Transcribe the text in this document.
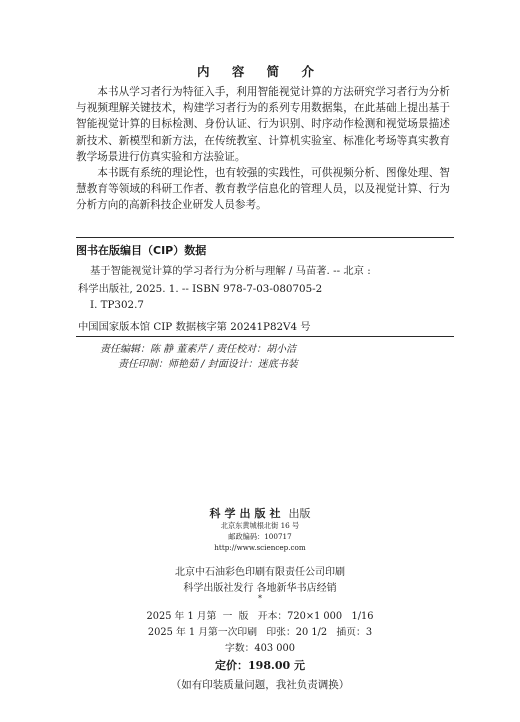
内 容 简 介

本书从学习者行为特征入手，利用智能视觉计算的方法研究学习者行为分析与视频理解关键技术，构建学习者行为的系列专用数据集，在此基础上提出基于智能视觉计算的目标检测、身份认证、行为识别、时序动作检测和视觉场景描述新技术、新模型和新方法，在传统教室、计算机实验室、标准化考场等真实教育教学场景进行仿真实验和方法验证。

本书既有系统的理论性，也有较强的实践性，可供视频分析、图像处理、智慧教育等领域的科研工作者、教育教学信息化的管理人员，以及视觉计算、行为分析方向的高新科技企业研发人员参考。

图书在版编目（CIP）数据
基于智能视觉计算的学习者行为分析与理解 / 马苗著. -- 北京 :
科学出版社, 2025. 1. -- ISBN 978-7-03-080705-2
Ⅰ. TP302.7
中国国家版本馆 CIP 数据核字第 20241P82V4 号
责任编辑：陈 静 董素芹 / 责任校对：胡小洁
责任印制：师艳茹 / 封面设计：迷底书装
科学出版社 出版
北京东黄城根北街 16 号
邮政编码：100717
http://www.sciencep.com
北京中石油彩色印刷有限责任公司印刷
科学出版社发行 各地新华书店经销
*
2025 年 1 月第  一  版   开本：720×1 000   1/16
2025 年 1 月第一次印刷   印张：20 1/2   插页：3
字数：403 000
定价：198.00 元
（如有印装质量问题，我社负责调换）
